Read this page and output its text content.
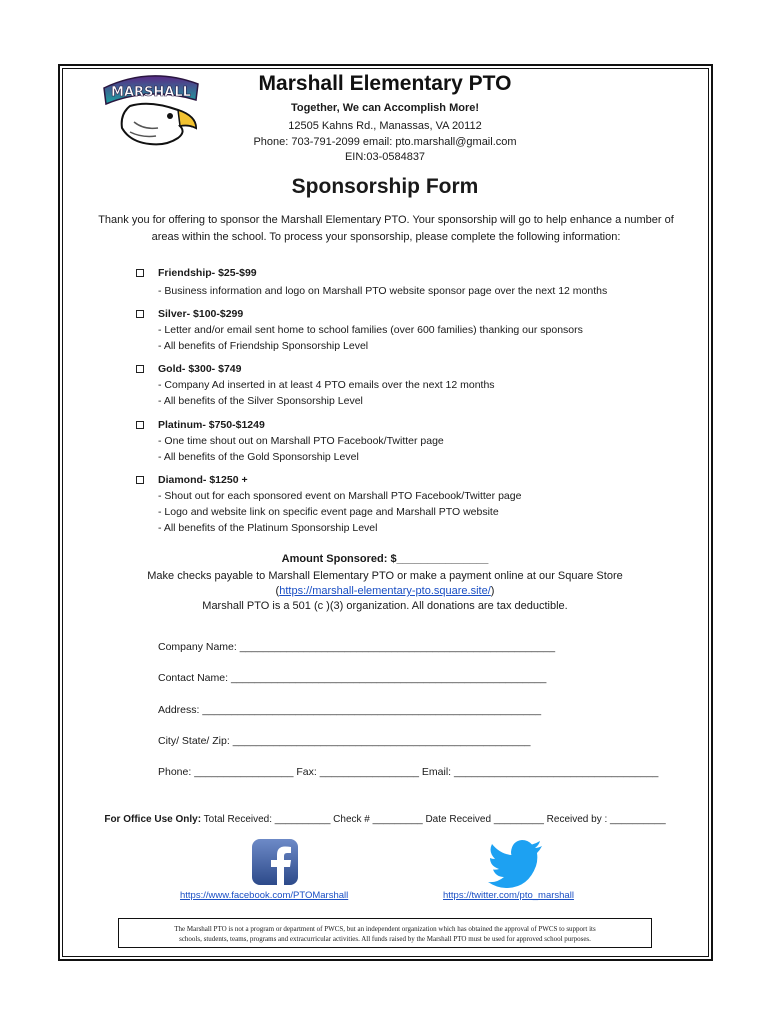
MARSHALL	Marshall Elementary PTO
Together, We can Accomplish More!
12505 Kahns Rd., Manassas, VA 20112
Phone: 703-791-2099 email: pto.marshall@gmail.com
EIN:03-0584837
Sponsorship Form
Thank you for offering to sponsor the Marshall Elementary PTO. Your sponsorship will go to help enhance a number of
areas within the school. To process your sponsorship, please complete the following information:
Friendship- $25-$99
- Business information and logo on Marshall PTO website sponsor page over the next 12 months
Silver- $100-$299
- Letter and/or email sent home to school families (over 600 families) thanking our sponsors
- All benefits of Friendship Sponsorship Level
Gold- $300- $749
- Company Ad inserted in at least 4 PTO emails over the next 12 months
- All benefits of the Silver Sponsorship Level
Platinum- $750-$1249
- One time shout out on Marshall PTO Facebook/Twitter page
- All benefits of the Gold Sponsorship Level
Diamond- $1250 +
- Shout out for each sponsored event on Marshall PTO Facebook/Twitter page
- Logo and website link on specific event page and Marshall PTO website
- All benefits of the Platinum Sponsorship Level
Amount Sponsored: $_______________
Make checks payable to Marshall Elementary PTO or make a payment online at our Square Store
(https://marshall-elementary-pto.square.site/)
Marshall PTO is a 501 (c )(3) organization. All donations are tax deductible.
Company Name: ______________________________________________________
Contact Name: ______________________________________________________
Address: __________________________________________________________
City/ State/ Zip: ___________________________________________________
Phone: _________________ Fax: _________________ Email: ___________________________________
For Office Use Only: Total Received: __________ Check # _________ Date Received _________ Received by : __________
https://www.facebook.com/PTOMarshall	https://twitter.com/pto_marshall
The Marshall PTO is not a program or department of PWCS, but an independent organization which has obtained the approval of PWCS to support its
schools, students, teams, programs and extracurricular activities. All funds raised by the Marshall PTO must be used for approved school purposes.
